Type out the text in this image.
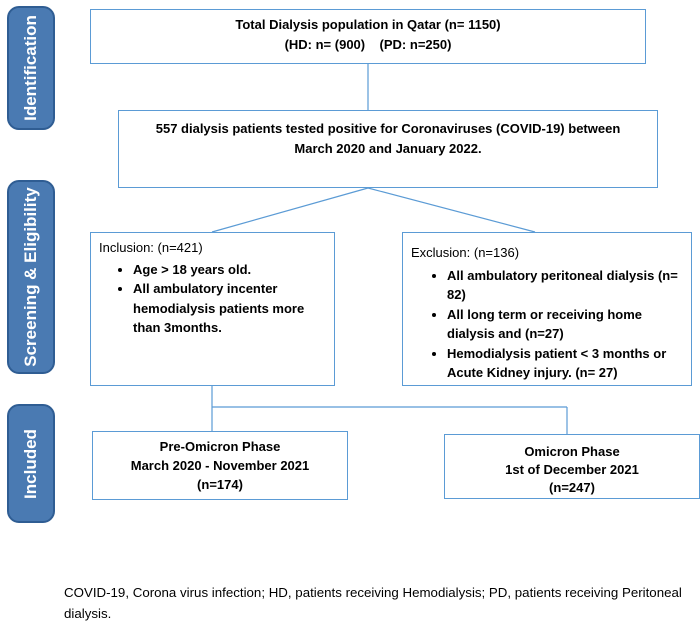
Identification
Screening & Eligibility
Included
Total Dialysis population in Qatar (n= 1150)
(HD: n= (900)    (PD: n=250)
557 dialysis patients tested positive for Coronaviruses (COVID-19) between
March 2020 and January 2022.
Inclusion: (n=421)
• Age > 18 years old.
• All ambulatory incenter hemodialysis patients more than 3months.
Exclusion: (n=136)
• All ambulatory peritoneal dialysis (n= 82)
• All long term or receiving home dialysis and (n=27)
• Hemodialysis patient < 3 months or Acute Kidney injury. (n= 27)
Pre-Omicron Phase
March 2020 - November 2021
(n=174)
Omicron Phase
1st of December 2021
(n=247)
COVID-19, Corona virus infection; HD, patients receiving Hemodialysis; PD, patients receiving Peritoneal dialysis.
